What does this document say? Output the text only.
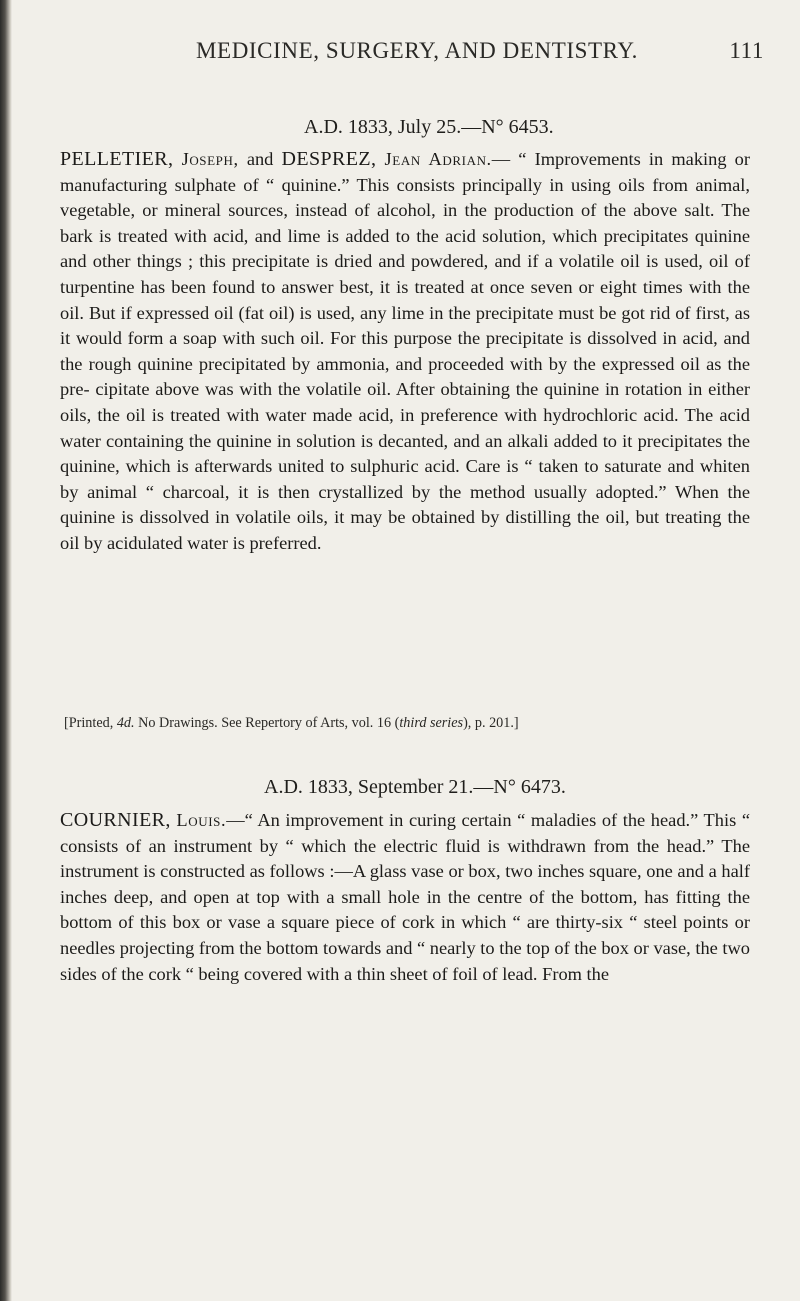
MEDICINE, SURGERY, AND DENTISTRY.	111
A.D. 1833, July 25.—N° 6453.
PELLETIER, Joseph, and DESPREZ, Jean Adrian.— “ Improvements in making or manufacturing sulphate of “ quinine.” This consists principally in using oils from animal, vegetable, or mineral sources, instead of alcohol, in the production of the above salt. The bark is treated with acid, and lime is added to the acid solution, which precipitates quinine and other things ; this precipitate is dried and powdered, and if a volatile oil is used, oil of turpentine has been found to answer best, it is treated at once seven or eight times with the oil. But if expressed oil (fat oil) is used, any lime in the precipitate must be got rid of first, as it would form a soap with such oil. For this purpose the precipitate is dissolved in acid, and the rough quinine precipitated by ammonia, and proceeded with by the expressed oil as the pre- cipitate above was with the volatile oil. After obtaining the quinine in rotation in either oils, the oil is treated with water made acid, in preference with hydrochloric acid. The acid water containing the quinine in solution is decanted, and an alkali added to it precipitates the quinine, which is afterwards united to sulphuric acid. Care is “ taken to saturate and whiten by animal “ charcoal, it is then crystallized by the method usually adopted.” When the quinine is dissolved in volatile oils, it may be obtained by distilling the oil, but treating the oil by acidulated water is preferred.
[Printed, 4d. No Drawings. See Repertory of Arts, vol. 16 (third series), p. 201.]
A.D. 1833, September 21.—N° 6473.
COURNIER, Louis.—“ An improvement in curing certain “ maladies of the head.” This “ consists of an instrument by “ which the electric fluid is withdrawn from the head.” The instrument is constructed as follows :—A glass vase or box, two inches square, one and a half inches deep, and open at top with a small hole in the centre of the bottom, has fitting the bottom of this box or vase a square piece of cork in which “ are thirty-six “ steel points or needles projecting from the bottom towards and “ nearly to the top of the box or vase, the two sides of the cork “ being covered with a thin sheet of foil of lead. From the
